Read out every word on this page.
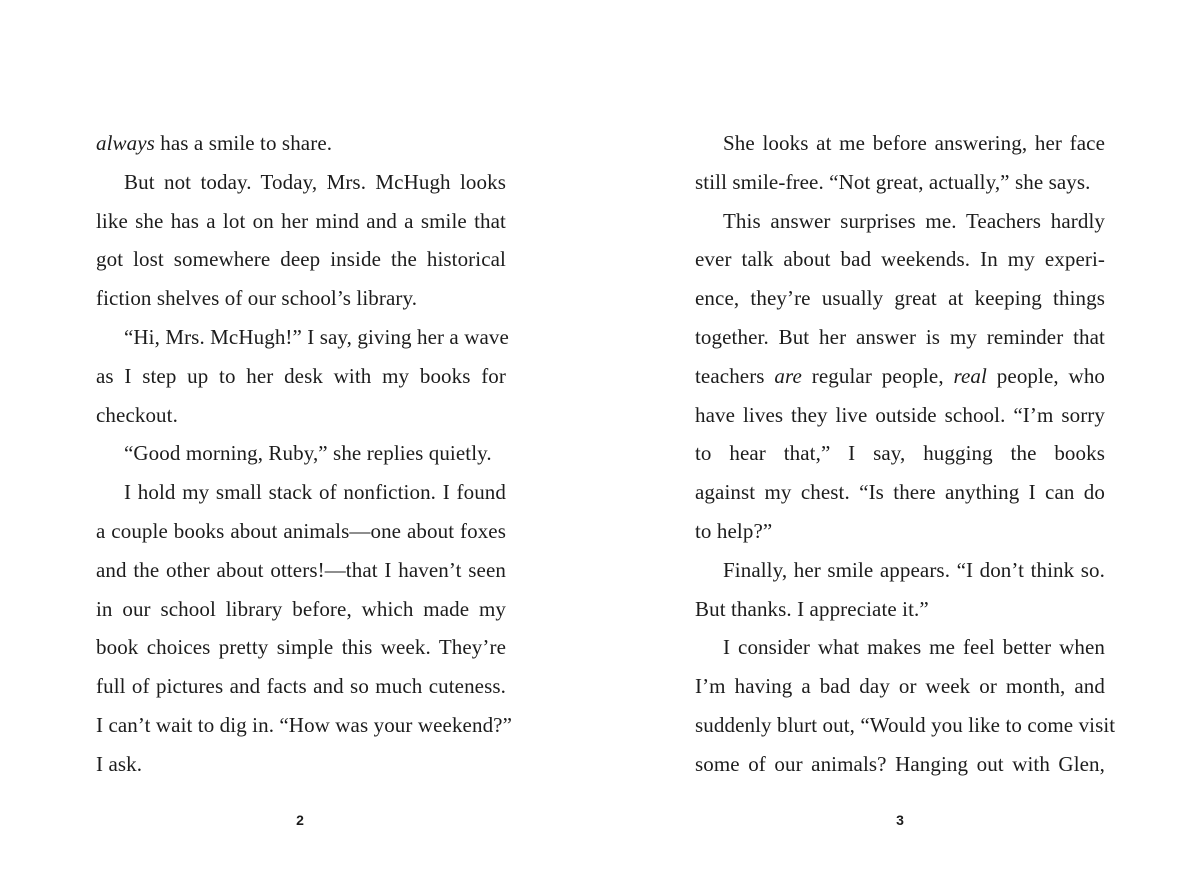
always has a smile to share.
But not today. Today, Mrs. McHugh looks
like she has a lot on her mind and a smile that
got lost somewhere deep inside the historical
fiction shelves of our school’s library.
“Hi, Mrs. McHugh!” I say, giving her a wave
as I step up to her desk with my books for
checkout.
“Good morning, Ruby,” she replies quietly.
I hold my small stack of nonfiction. I found
a couple books about animals—one about foxes
and the other about otters!—that I haven’t seen
in our school library before, which made my
book choices pretty simple this week. They’re
full of pictures and facts and so much cuteness.
I can’t wait to dig in. “How was your weekend?”
I ask.
She looks at me before answering, her face
still smile-free. “Not great, actually,” she says.
This answer surprises me. Teachers hardly
ever talk about bad weekends. In my experi-
ence, they’re usually great at keeping things
together. But her answer is my reminder that
teachers are regular people, real people, who
have lives they live outside school. “I’m sorry
to hear that,” I say, hugging the books
against my chest. “Is there anything I can do
to help?”
Finally, her smile appears. “I don’t think so.
But thanks. I appreciate it.”
I consider what makes me feel better when
I’m having a bad day or week or month, and
suddenly blurt out, “Would you like to come visit
some of our animals? Hanging out with Glen,
2	3
